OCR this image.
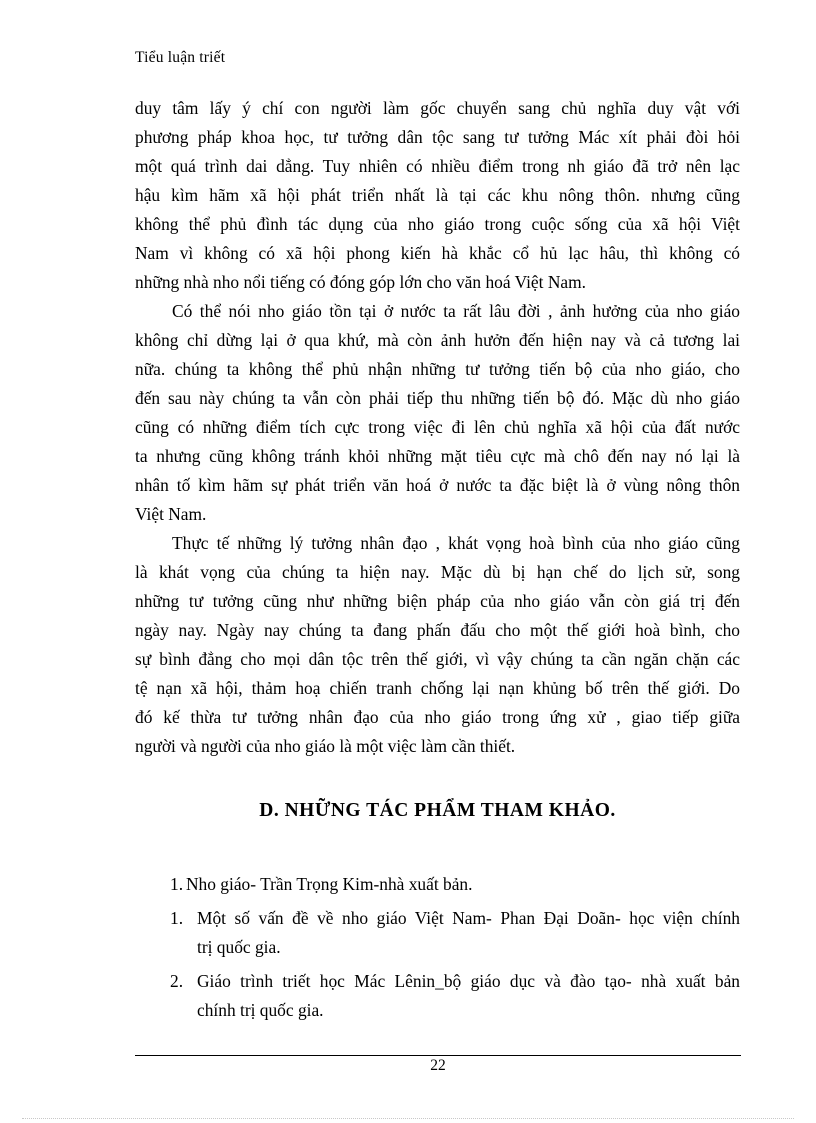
Tiểu luận triết

duy tâm lấy ý chí con người làm gốc chuyển sang chủ nghĩa duy vật với
phương pháp khoa học, tư tưởng dân tộc sang tư tưởng Mác xít phải đòi hỏi
một quá trình dai dẳng. Tuy nhiên có nhiều điểm trong nh giáo đã trở nên lạc
hậu kìm hãm xã hội phát triển nhất là tại các khu nông thôn. nhưng cũng
không thể phủ đình tác dụng của nho giáo trong cuộc sống của xã hội Việt
Nam vì không có xã hội phong kiến hà khắc cổ hủ lạc hâu, thì không có
những nhà nho nổi tiếng có đóng góp lớn cho văn hoá Việt Nam.

Có thể nói nho giáo tồn tại ở nước ta rất lâu đời , ảnh hưởng của nho giáo
không chỉ dừng lại ở qua khứ, mà còn ảnh hưởn đến hiện nay và cả tương lai
nữa. chúng ta không thể phủ nhận những tư tưởng tiến bộ của nho giáo, cho
đến sau này chúng ta vẫn còn phải tiếp thu những tiến bộ đó. Mặc dù nho giáo
cũng có những điểm tích cực trong việc đi lên chủ nghĩa xã hội của đất nước
ta nhưng cũng không tránh khỏi những mặt tiêu cực mà chô đến nay nó lại là
nhân tố kìm hãm sự phát triển văn hoá ở nước ta đặc biệt là ở vùng nông thôn
Việt Nam.

Thực tế những lý tưởng nhân đạo , khát vọng hoà bình của nho giáo cũng
là khát vọng của chúng ta hiện nay. Mặc dù bị hạn chế do lịch sử, song
những tư tưởng cũng như những biện pháp của nho giáo vẫn còn giá trị đến
ngày nay. Ngày nay chúng ta đang phấn đấu cho một thế giới hoà bình, cho
sự bình đẳng cho mọi dân tộc trên thế giới, vì vậy chúng ta cần ngăn chặn các
tệ nạn xã hội, thảm hoạ chiến tranh chống lại nạn khủng bố trên thế giới. Do
đó kế thừa tư tưởng nhân đạo của nho giáo trong ứng xử , giao tiếp giữa
người và người của nho giáo là một việc làm cần thiết.

D. NHỮNG TÁC PHẨM THAM KHẢO.
1. Nho giáo- Trần Trọng Kim-nhà xuất bản.
1. Một số vấn đề về nho giáo Việt Nam- Phan Đại Doãn- học viện chính
trị quốc gia.
2. Giáo trình triết học Mác Lênin_bộ giáo dục và đào tạo- nhà xuất bản
chính trị quốc gia.
22
